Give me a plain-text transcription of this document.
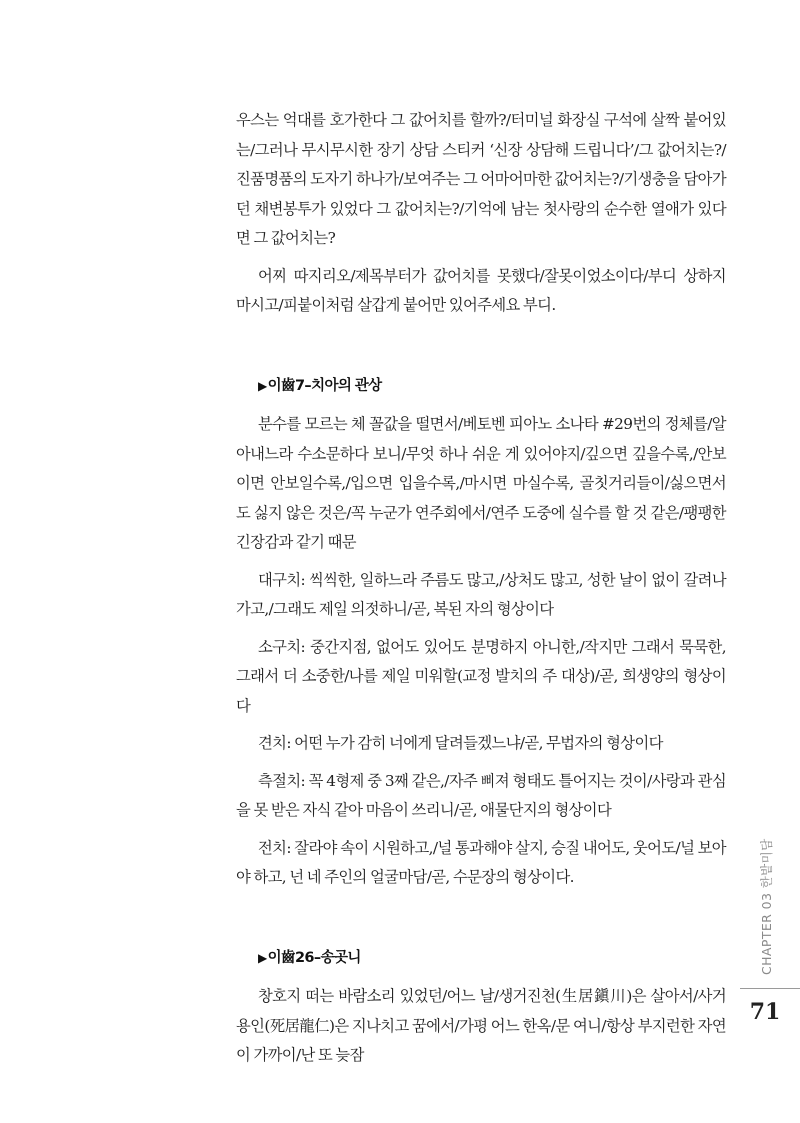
우스는 억대를 호가한다 그 값어치를 할까?/터미널 화장실 구석에 살짝 붙어있는/그러나 무시무시한 장기 상담 스티커 ‘신장 상담해 드립니다’/그 값어치는?/진품명품의 도자기 하나가/보여주는 그 어마어마한 값어치는?/기생충을 담아가던 채변봉투가 있었다 그 값어치는?/기억에 남는 첫사랑의 순수한 열애가 있다면 그 값어치는?

어찌 따지리오/제목부터가 값어치를 못했다/잘못이었소이다/부디 상하지 마시고/피붙이처럼 살갑게 붙어만 있어주세요 부디.

▶이齒7–치아의 관상

분수를 모르는 체 꼴값을 떨면서/베토벤 피아노 소나타 #29번의 정체를/알아내느라 수소문하다 보니/무엇 하나 쉬운 게 있어야지/깊으면 깊을수록,/안보이면 안보일수록,/입으면 입을수록,/마시면 마실수록, 골칫거리들이/싫으면서도 싫지 않은 것은/꼭 누군가 연주회에서/연주 도중에 실수를 할 것 같은/팽팽한 긴장감과 같기 때문

대구치: 씩씩한, 일하느라 주름도 많고,/상처도 많고, 성한 날이 없이 갈려나가고,/그래도 제일 의젓하니/곧, 복된 자의 형상이다

소구치: 중간지점, 없어도 있어도 분명하지 아니한,/작지만 그래서 묵묵한, 그래서 더 소중한/나를 제일 미워할(교정 발치의 주 대상)/곧, 희생양의 형상이다

견치: 어떤 누가 감히 너에게 달려들겠느냐/곧, 무법자의 형상이다

측절치: 꼭 4형제 중 3째 같은,/자주 삐져 형태도 틀어지는 것이/사랑과 관심을 못 받은 자식 같아 마음이 쓰리니/곧, 애물단지의 형상이다

전치: 잘라야 속이 시원하고,/널 통과해야 살지, 승질 내어도, 웃어도/널 보아야 하고, 넌 네 주인의 얼굴마담/곧, 수문장의 형상이다.

▶이齒26–송곳니

창호지 떠는 바람소리 있었던/어느 날/생거진천(生居鎭川)은 살아서/사거용인(死居龍仁)은 지나치고 꿈에서/가평 어느 한옥/문 여니/항상 부지런한 자연이 가까이/난 또 늦잠

CHAPTER 03 한밭미담
71
